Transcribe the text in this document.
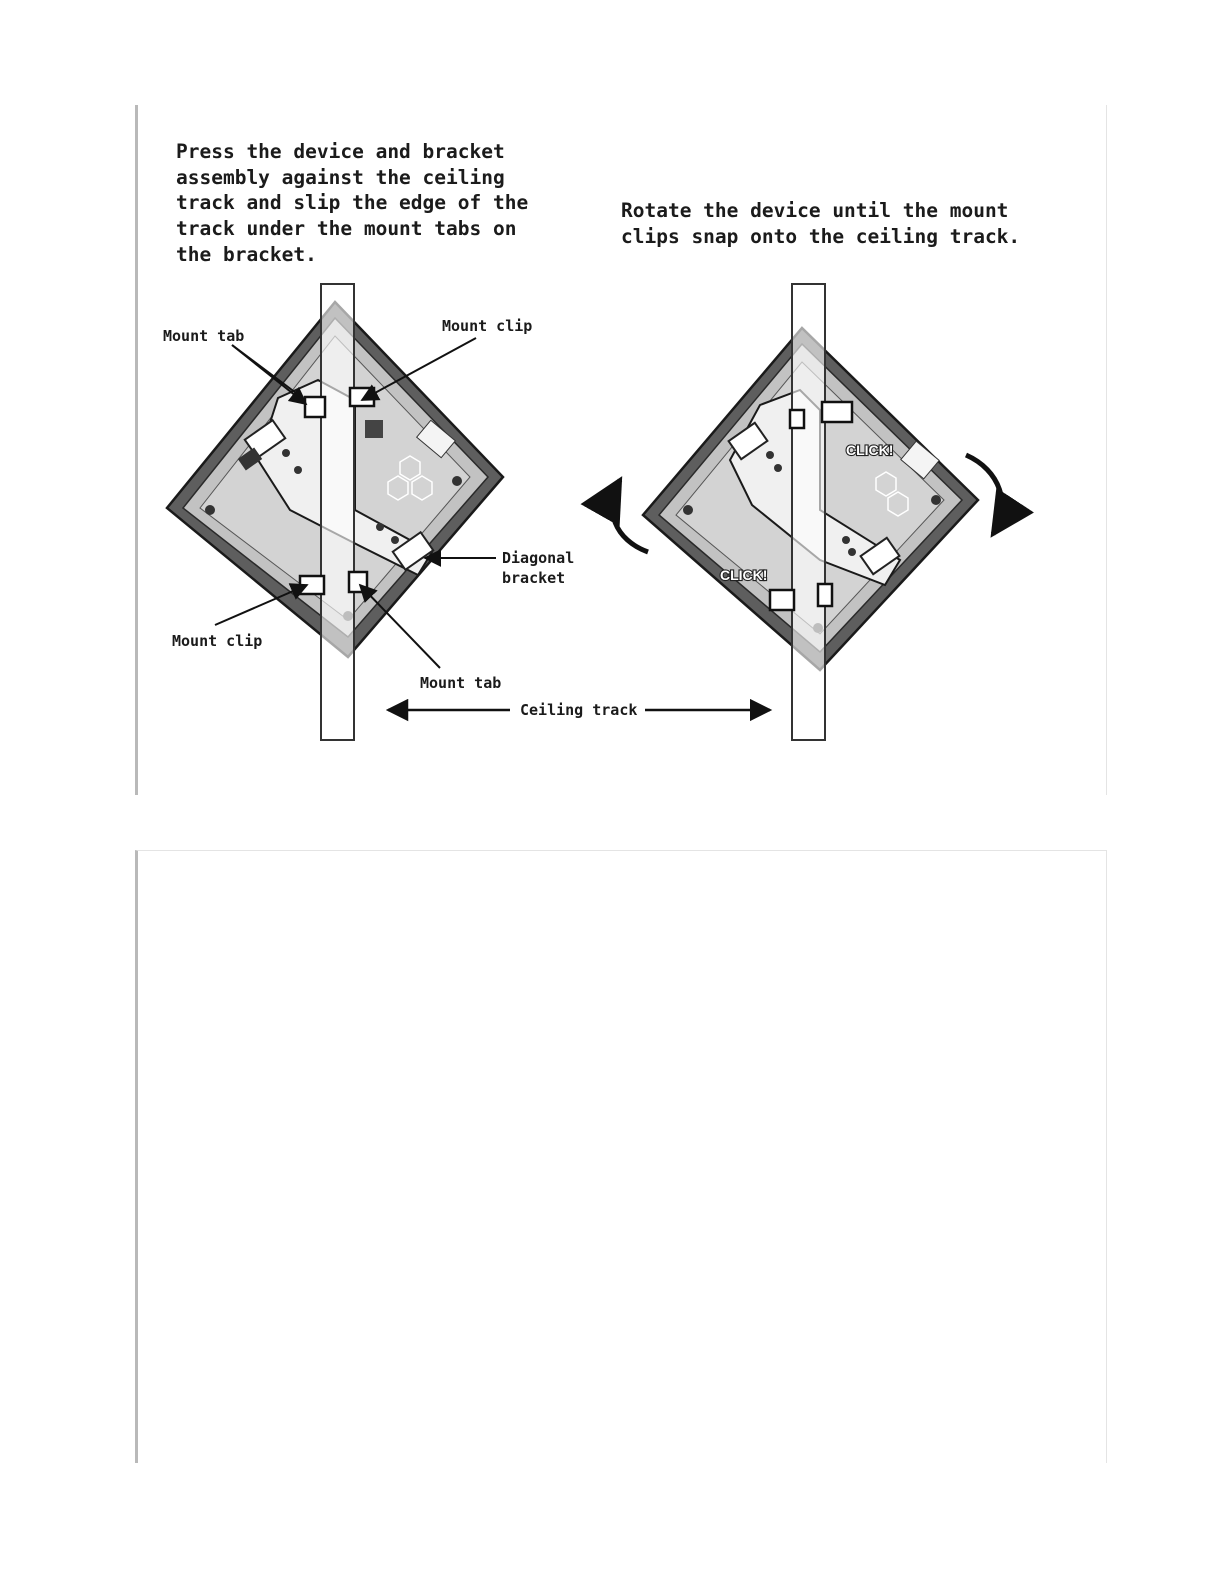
Press the device and bracket assembly against the ceiling track and slip the edge of the track under the mount tabs on the bracket.
Rotate the device until the mount clips snap onto the ceiling track.
CLICK!
CLICK!
Mount tab
Mount clip
Diagonal bracket
Mount clip
Mount tab
Ceiling track
